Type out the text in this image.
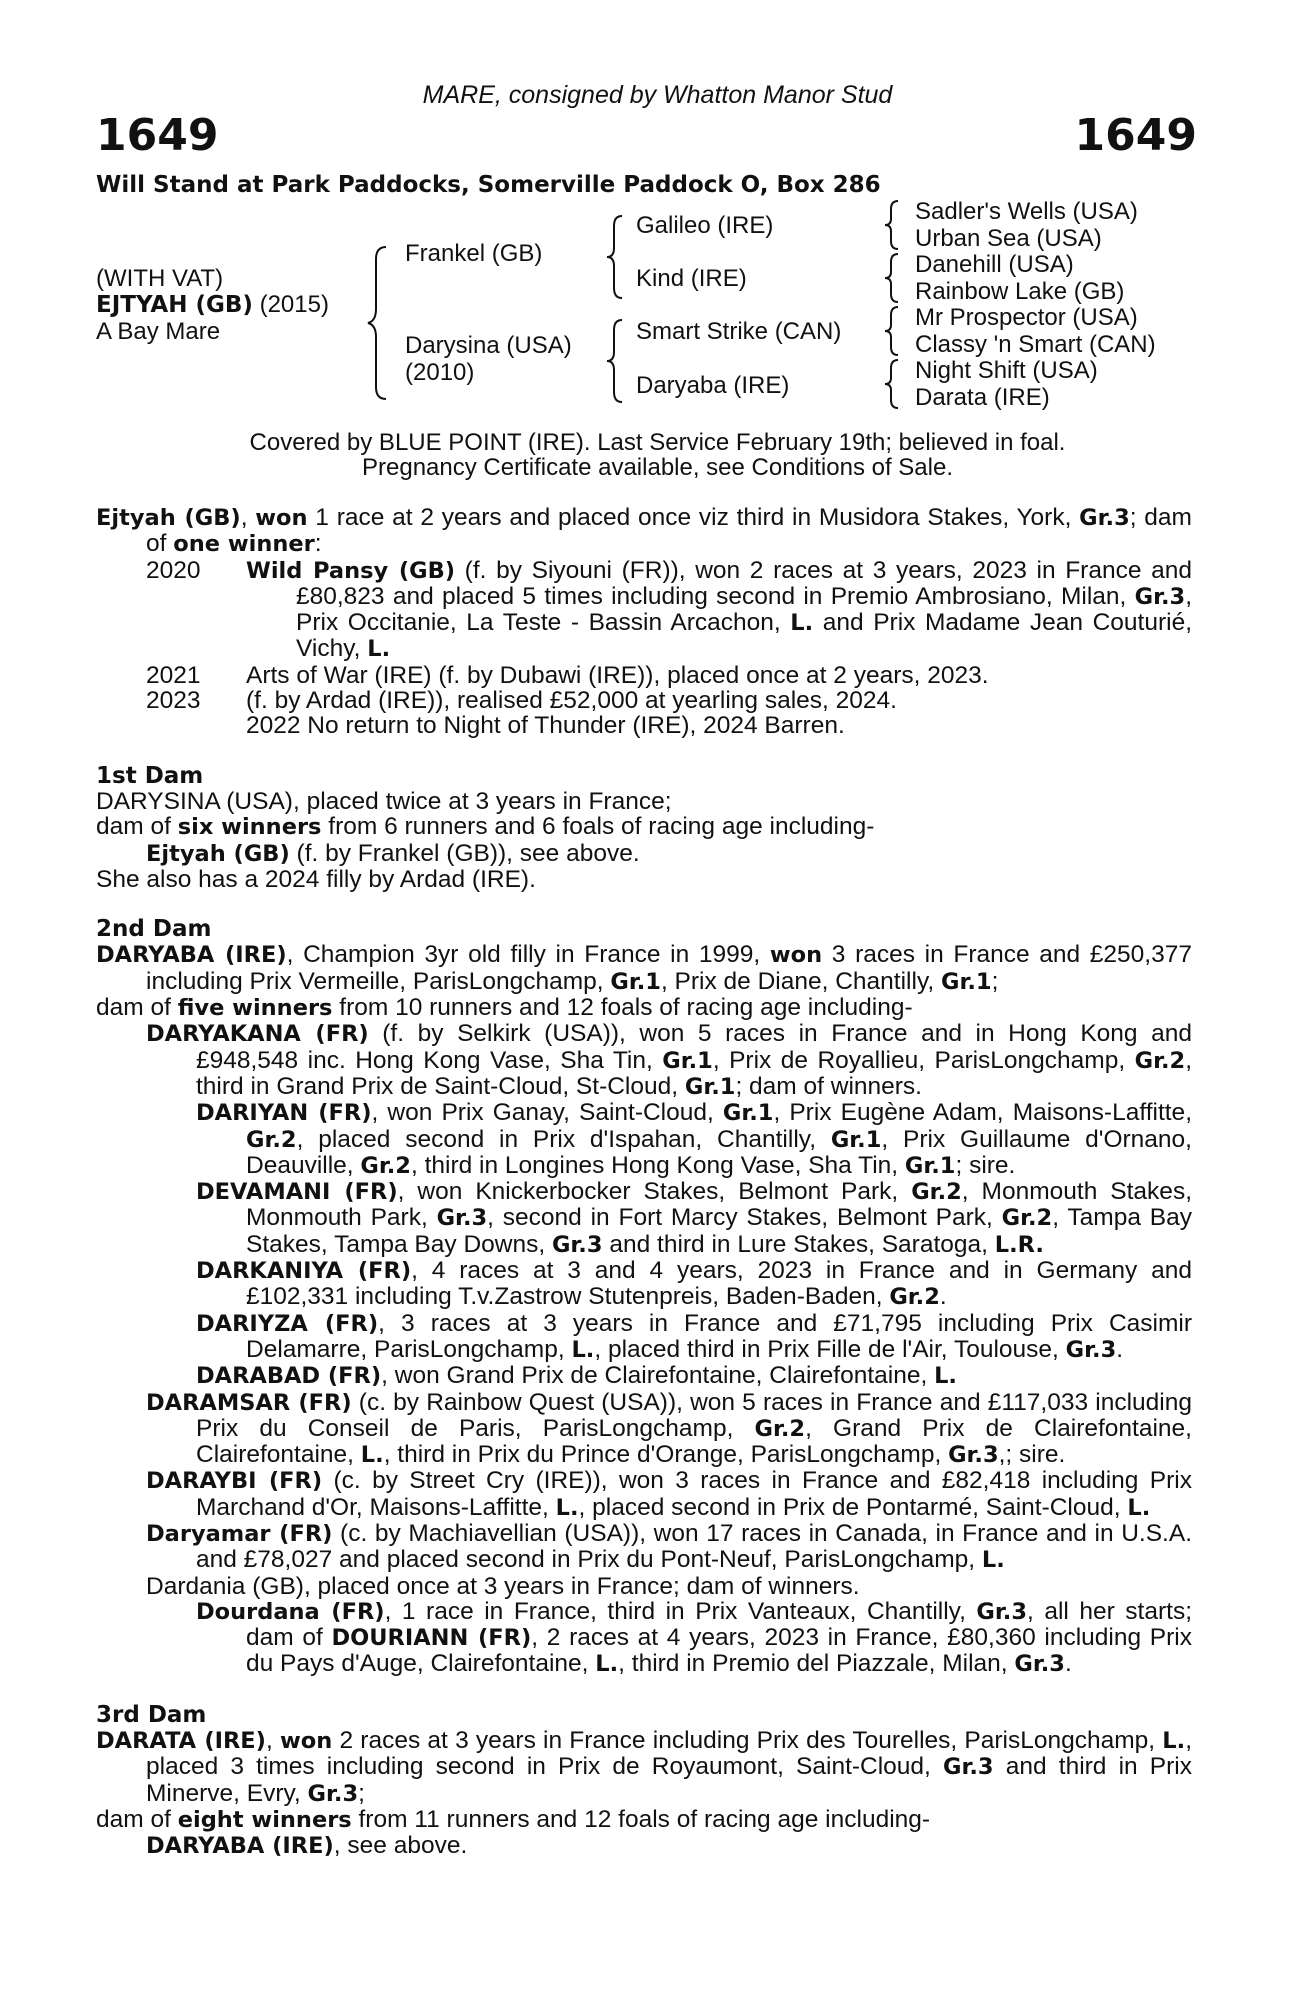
1649	1649
MARE, consigned by Whatton Manor Stud
Will Stand at Park Paddocks, Somerville Paddock O, Box 286
(WITH VAT)
EJTYAH (GB) (2015)
A Bay Mare
Frankel (GB)
Darysina (USA)
(2010)
Galileo (IRE)
Kind (IRE)
Smart Strike (CAN)
Daryaba (IRE)
Sadler's Wells (USA)
Urban Sea (USA)
Danehill (USA)
Rainbow Lake (GB)
Mr Prospector (USA)
Classy 'n Smart (CAN)
Night Shift (USA)
Darata (IRE)
Covered by BLUE POINT (IRE). Last Service February 19th; believed in foal.
Pregnancy Certificate available, see Conditions of Sale.
Ejtyah (GB), won 1 race at 2 years and placed once viz third in Musidora Stakes, York, Gr.3; dam of one winner:
2020	Wild Pansy (GB) (f. by Siyouni (FR)), won 2 races at 3 years, 2023 in France and £80,823 and placed 5 times including second in Premio Ambrosiano, Milan, Gr.3, Prix Occitanie, La Teste - Bassin Arcachon, L. and Prix Madame Jean Couturié, Vichy, L.
2021	Arts of War (IRE) (f. by Dubawi (IRE)), placed once at 2 years, 2023.
2023	(f. by Ardad (IRE)), realised £52,000 at yearling sales, 2024.
2022 No return to Night of Thunder (IRE), 2024 Barren.
1st Dam
DARYSINA (USA), placed twice at 3 years in France;
dam of six winners from 6 runners and 6 foals of racing age including-
Ejtyah (GB) (f. by Frankel (GB)), see above.
She also has a 2024 filly by Ardad (IRE).
2nd Dam
DARYABA (IRE), Champion 3yr old filly in France in 1999, won 3 races in France and £250,377 including Prix Vermeille, ParisLongchamp, Gr.1, Prix de Diane, Chantilly, Gr.1;
dam of five winners from 10 runners and 12 foals of racing age including-
DARYAKANA (FR) (f. by Selkirk (USA)), won 5 races in France and in Hong Kong and £948,548 inc. Hong Kong Vase, Sha Tin, Gr.1, Prix de Royallieu, ParisLongchamp, Gr.2, third in Grand Prix de Saint-Cloud, St-Cloud, Gr.1; dam of winners.
DARIYAN (FR), won Prix Ganay, Saint-Cloud, Gr.1, Prix Eugène Adam, Maisons-Laffitte, Gr.2, placed second in Prix d'Ispahan, Chantilly, Gr.1, Prix Guillaume d'Ornano, Deauville, Gr.2, third in Longines Hong Kong Vase, Sha Tin, Gr.1; sire.
DEVAMANI (FR), won Knickerbocker Stakes, Belmont Park, Gr.2, Monmouth Stakes, Monmouth Park, Gr.3, second in Fort Marcy Stakes, Belmont Park, Gr.2, Tampa Bay Stakes, Tampa Bay Downs, Gr.3 and third in Lure Stakes, Saratoga, L.R.
DARKANIYA (FR), 4 races at 3 and 4 years, 2023 in France and in Germany and £102,331 including T.v.Zastrow Stutenpreis, Baden-Baden, Gr.2.
DARIYZA (FR), 3 races at 3 years in France and £71,795 including Prix Casimir Delamarre, ParisLongchamp, L., placed third in Prix Fille de l'Air, Toulouse, Gr.3.
DARABAD (FR), won Grand Prix de Clairefontaine, Clairefontaine, L.
DARAMSAR (FR) (c. by Rainbow Quest (USA)), won 5 races in France and £117,033 including Prix du Conseil de Paris, ParisLongchamp, Gr.2, Grand Prix de Clairefontaine, Clairefontaine, L., third in Prix du Prince d'Orange, ParisLongchamp, Gr.3,; sire.
DARAYBI (FR) (c. by Street Cry (IRE)), won 3 races in France and £82,418 including Prix Marchand d'Or, Maisons-Laffitte, L., placed second in Prix de Pontarmé, Saint-Cloud, L.
Daryamar (FR) (c. by Machiavellian (USA)), won 17 races in Canada, in France and in U.S.A. and £78,027 and placed second in Prix du Pont-Neuf, ParisLongchamp, L.
Dardania (GB), placed once at 3 years in France; dam of winners.
Dourdana (FR), 1 race in France, third in Prix Vanteaux, Chantilly, Gr.3, all her starts; dam of DOURIANN (FR), 2 races at 4 years, 2023 in France, £80,360 including Prix du Pays d'Auge, Clairefontaine, L., third in Premio del Piazzale, Milan, Gr.3.
3rd Dam
DARATA (IRE), won 2 races at 3 years in France including Prix des Tourelles, ParisLongchamp, L., placed 3 times including second in Prix de Royaumont, Saint-Cloud, Gr.3 and third in Prix Minerve, Evry, Gr.3;
dam of eight winners from 11 runners and 12 foals of racing age including-
DARYABA (IRE), see above.
